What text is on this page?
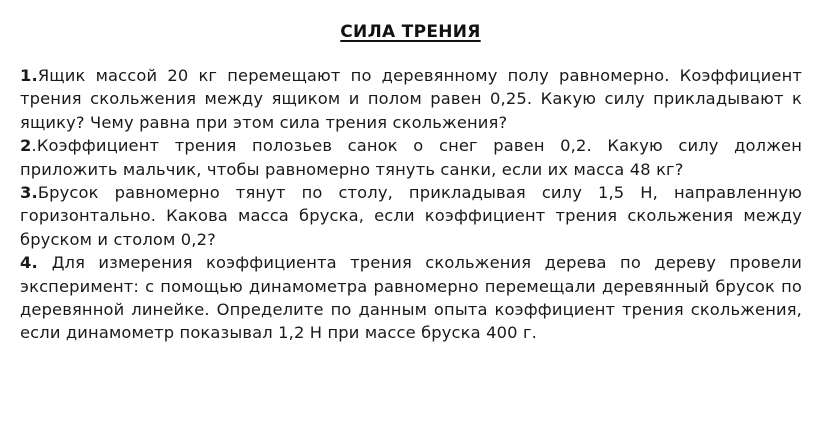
СИЛА ТРЕНИЯ

1.Ящик массой 20 кг перемещают по деревянному полу равномерно. Коэффициент трения скольжения между ящиком и полом равен 0,25. Какую силу прикладывают к ящику? Чему равна при этом сила трения скольжения?

2.Коэффициент трения полозьев санок о снег равен 0,2. Какую силу должен приложить мальчик, чтобы равномерно тянуть санки, если их масса 48 кг?

3.Брусок равномерно тянут по столу, прикладывая силу 1,5 Н, направленную горизонтально. Какова масса бруска, если коэффициент трения скольжения между бруском и столом 0,2?

4. Для измерения коэффициента трения скольжения дерева по дереву провели эксперимент: с помощью динамометра равномерно перемещали деревянный брусок по деревянной линейке. Определите по данным опыта коэффициент трения скольжения, если динамометр показывал 1,2 Н при массе бруска 400 г.
